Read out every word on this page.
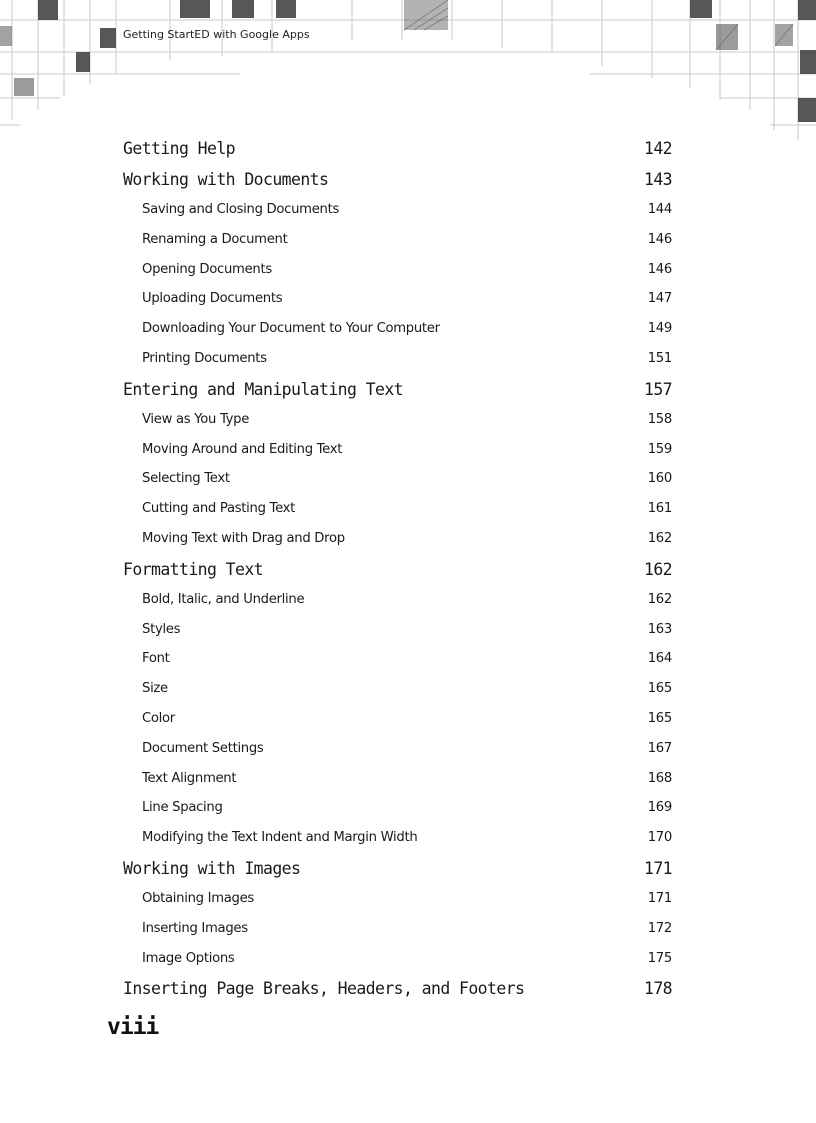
Getting StartED with Google Apps
Getting Help . . .	142
Working with Documents . . .	143
Saving and Closing Documents . . .	144
Renaming a Document . . .	146
Opening Documents . . .	146
Uploading Documents . . .	147
Downloading Your Document to Your Computer . . .	149
Printing Documents . . .	151
Entering and Manipulating Text . . .	157
View as You Type . . .	158
Moving Around and Editing Text . . .	159
Selecting Text . . .	160
Cutting and Pasting Text . . .	161
Moving Text with Drag and Drop . . .	162
Formatting Text . . .	162
Bold, Italic, and Underline . . .	162
Styles . . .	163
Font . . .	164
Size . . .	165
Color . . .	165
Document Settings . . .	167
Text Alignment . . .	168
Line Spacing . . .	169
Modifying the Text Indent and Margin Width . . .	170
Working with Images . . .	171
Obtaining Images . . .	171
Inserting Images . . .	172
Image Options . . .	175
Inserting Page Breaks, Headers, and Footers . . .	178
viii
